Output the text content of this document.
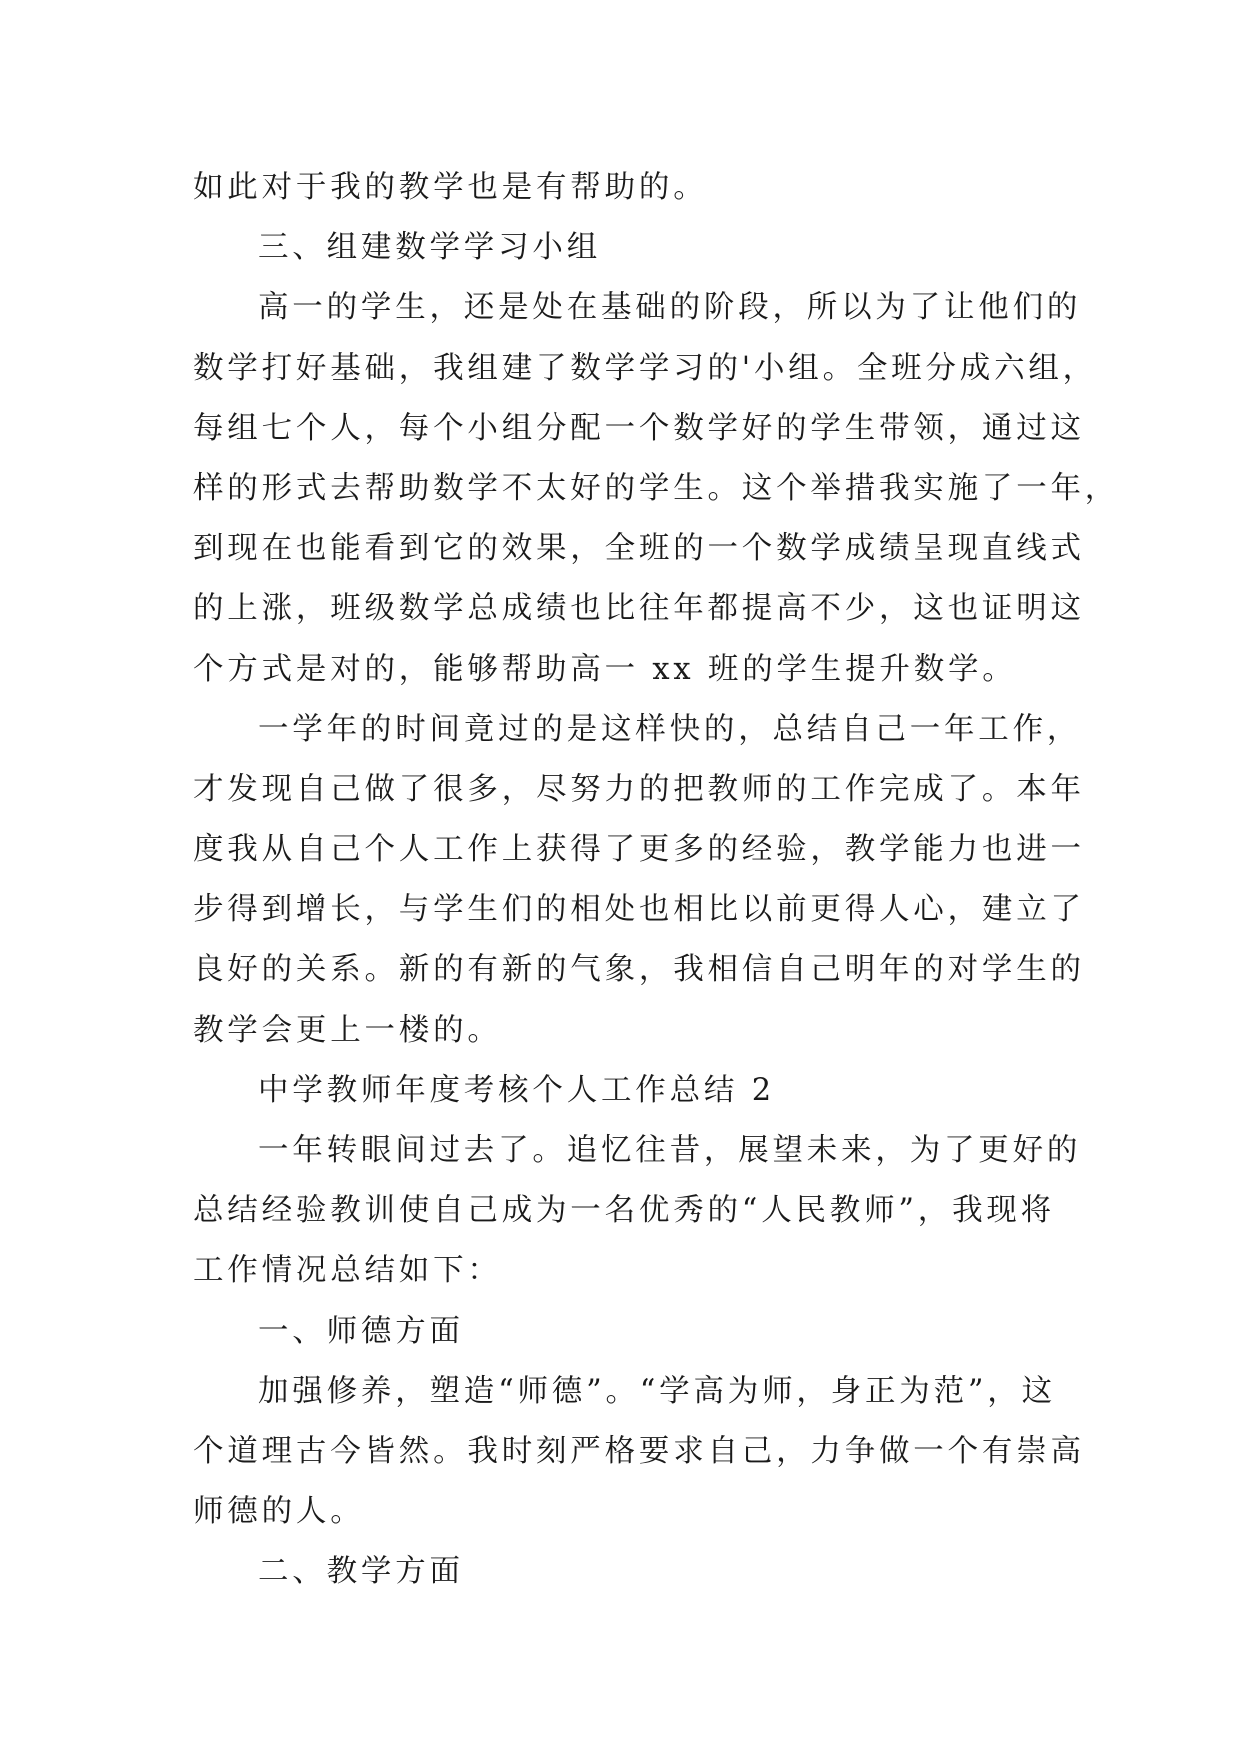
如此对于我的教学也是有帮助的。
三、组建数学学习小组
高一的学生，还是处在基础的阶段，所以为了让他们的
数学打好基础，我组建了数学学习的'小组。全班分成六组，
每组七个人，每个小组分配一个数学好的学生带领，通过这
样的形式去帮助数学不太好的学生。这个举措我实施了一年，
到现在也能看到它的效果，全班的一个数学成绩呈现直线式
的上涨，班级数学总成绩也比往年都提高不少，这也证明这
个方式是对的，能够帮助高一 xx 班的学生提升数学。
一学年的时间竟过的是这样快的，总结自己一年工作，
才发现自己做了很多，尽努力的把教师的工作完成了。本年
度我从自己个人工作上获得了更多的经验，教学能力也进一
步得到增长，与学生们的相处也相比以前更得人心，建立了
良好的关系。新的有新的气象，我相信自己明年的对学生的
教学会更上一楼的。
中学教师年度考核个人工作总结 2
一年转眼间过去了。追忆往昔，展望未来，为了更好的
总结经验教训使自己成为一名优秀的“人民教师”，我现将
工作情况总结如下：
一、师德方面
加强修养，塑造“师德”。“学高为师，身正为范”，这
个道理古今皆然。我时刻严格要求自己，力争做一个有崇高
师德的人。
二、教学方面
